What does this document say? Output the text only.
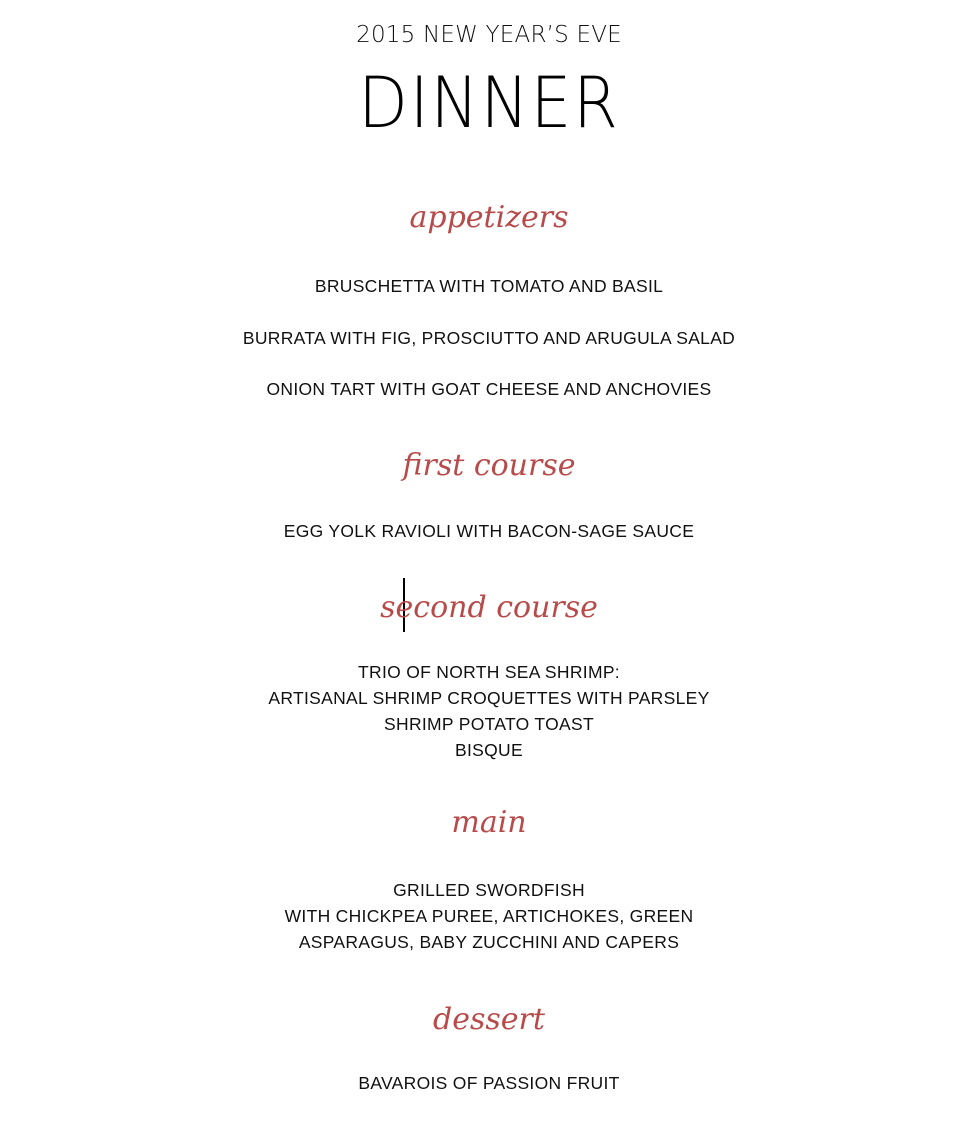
2015 NEW YEAR’S EVE
DINNER
appetizers
BRUSCHETTA WITH TOMATO AND BASIL
BURRATA WITH FIG, PROSCIUTTO AND ARUGULA SALAD
ONION TART WITH GOAT CHEESE AND ANCHOVIES
first course
EGG YOLK RAVIOLI WITH BACON-SAGE SAUCE
second course
TRIO OF NORTH SEA SHRIMP:
ARTISANAL SHRIMP CROQUETTES WITH PARSLEY
SHRIMP POTATO TOAST
BISQUE
main
GRILLED SWORDFISH
WITH CHICKPEA PUREE, ARTICHOKES, GREEN
ASPARAGUS, BABY ZUCCHINI AND CAPERS
dessert
BAVAROIS OF PASSION FRUIT
